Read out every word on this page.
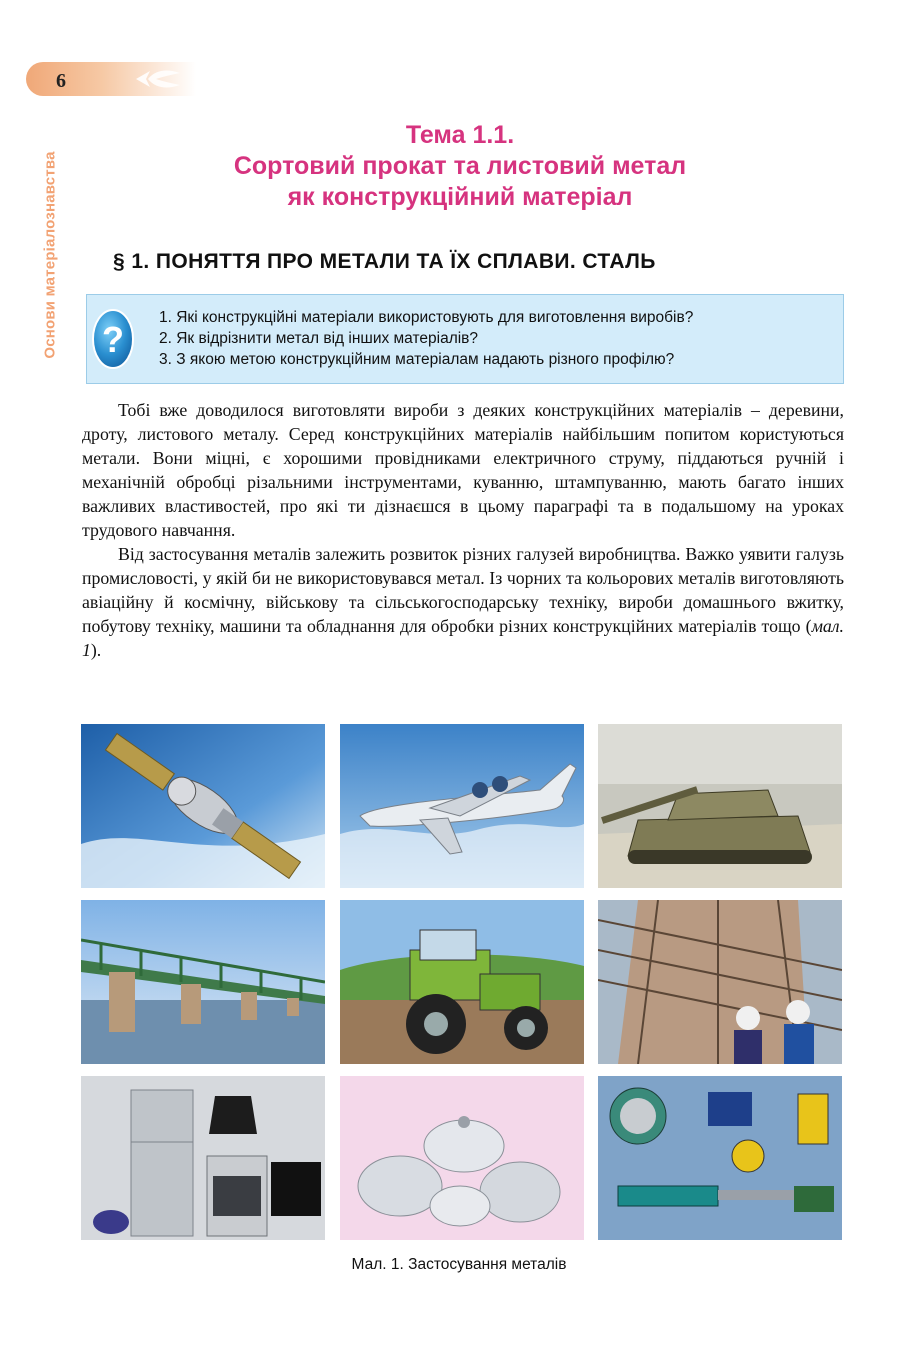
6
Основи матеріалознавства
Тема 1.1.
Сортовий прокат та листовий метал
як конструкційний матеріал
§ 1. ПОНЯТТЯ ПРО МЕТАЛИ ТА ЇХ СПЛАВИ. СТАЛЬ
?
1. Які конструкційні матеріали використовують для виготовлення виробів?
2. Як відрізнити метал від інших матеріалів?
3. З якою метою конструкційним матеріалам надають різного профілю?

Тобі вже доводилося виготовляти вироби з деяких конструкційних матеріалів – деревини, дроту, листового металу. Серед конструкційних матеріалів найбільшим попитом користуються метали. Вони міцні, є хорошими провідниками електричного струму, піддаються ручній і механічній обробці різальними інструментами, куванню, штампуванню, мають багато інших важливих властивостей, про які ти дізнаєшся в цьому параграфі та в подальшому на уроках трудового навчання.

Від застосування металів залежить розвиток різних галузей виробництва. Важко уявити галузь промисловості, у якій би не використовувався метал. Із чорних та кольорових металів виготовляють авіаційну й космічну, військову та сільськогосподарську техніку, вироби домашнього вжитку, побутову техніку, машини та обладнання для обробки різних конструкційних матеріалів тощо (мал. 1).

Мал. 1. Застосування металів
